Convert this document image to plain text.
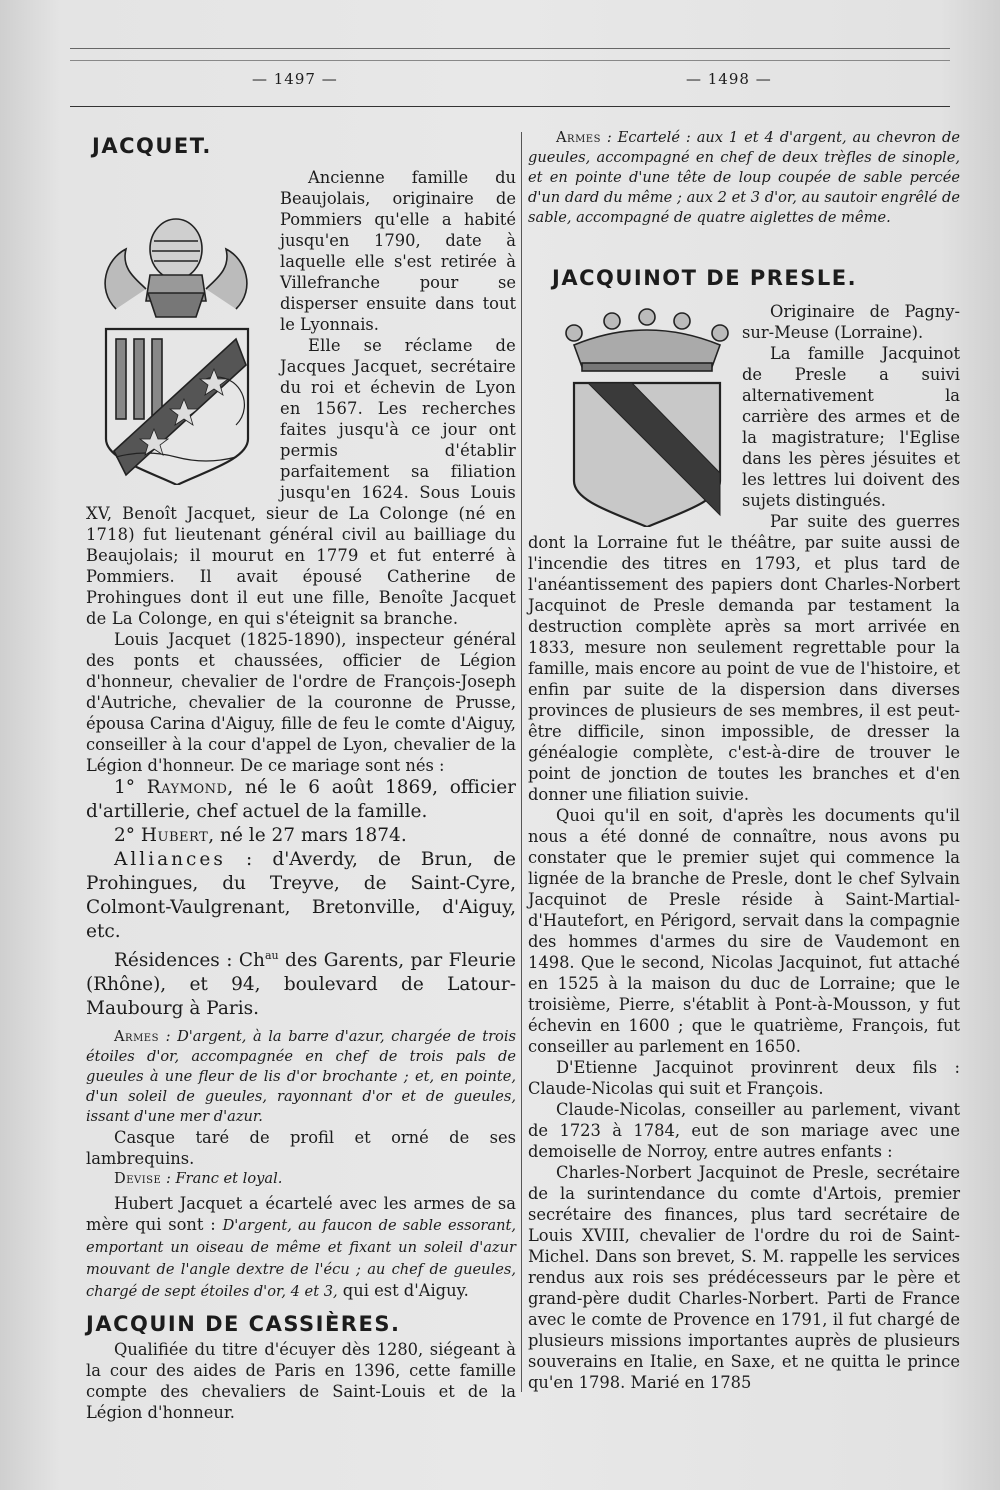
— 1497 —	— 1498 —
JACQUET.

Ancienne famille du Beaujolais, originaire de Pommiers qu'elle a habité jusqu'en 1790, date à laquelle elle s'est retirée à Villefranche pour se disperser ensuite dans tout le Lyonnais.

Elle se réclame de Jacques Jacquet, secrétaire du roi et échevin de Lyon en 1567. Les recherches faites jusqu'à ce jour ont permis d'établir parfaitement sa filiation jusqu'en 1624. Sous Louis XV, Benoît Jacquet, sieur de La Colonge (né en 1718) fut lieutenant général civil au bailliage du Beaujolais; il mourut en 1779 et fut enterré à Pommiers. Il avait épousé Catherine de Prohingues dont il eut une fille, Benoîte Jacquet de La Colonge, en qui s'éteignit sa branche.

Louis Jacquet (1825-1890), inspecteur général des ponts et chaussées, officier de Légion d'honneur, chevalier de l'ordre de François-Joseph d'Autriche, chevalier de la couronne de Prusse, épousa Carina d'Aiguy, fille de feu le comte d'Aiguy, conseiller à la cour d'appel de Lyon, chevalier de la Légion d'honneur. De ce mariage sont nés :

1° Raymond, né le 6 août 1869, officier d'artillerie, chef actuel de la famille.

2° Hubert, né le 27 mars 1874.

Alliances : d'Averdy, de Brun, de Prohingues, du Treyve, de Saint-Cyre, Colmont-Vaulgrenant, Bretonville, d'Aiguy, etc.

Résidences : $Ch^{au}$ des Garents, par Fleurie (Rhône), et 94, boulevard de Latour-Maubourg à Paris.

Armes : D'argent, à la barre d'azur, chargée de trois étoiles d'or, accompagnée en chef de trois pals de gueules à une fleur de lis d'or brochante ; et, en pointe, d'un soleil de gueules, rayonnant d'or et de gueules, issant d'une mer d'azur.

Casque taré de profil et orné de ses lambrequins.

Devise : Franc et loyal.

Hubert Jacquet a écartelé avec les armes de sa mère qui sont : D'argent, au faucon de sable essorant, emportant un oiseau de même et fixant un soleil d'azur mouvant de l'angle dextre de l'écu ; au chef de gueules, chargé de sept étoiles d'or, 4 et 3, qui est d'Aiguy.

JACQUIN DE CASSIÈRES.

Qualifiée du titre d'écuyer dès 1280, siégeant à la cour des aides de Paris en 1396, cette famille compte des chevaliers de Saint-Louis et de la Légion d'honneur.

Armes : Ecartelé : aux 1 et 4 d'argent, au chevron de gueules, accompagné en chef de deux trèfles de sinople, et en pointe d'une tête de loup coupée de sable percée d'un dard du même ; aux 2 et 3 d'or, au sautoir engrêlé de sable, accompagné de quatre aiglettes de même.

JACQUINOT DE PRESLE.

Originaire de Pagny-sur-Meuse (Lorraine).

La famille Jacquinot de Presle a suivi alternativement la carrière des armes et de la magistrature; l'Eglise dans les pères jésuites et les lettres lui doivent des sujets distingués.

Par suite des guerres dont la Lorraine fut le théâtre, par suite aussi de l'incendie des titres en 1793, et plus tard de l'anéantissement des papiers dont Charles-Norbert Jacquinot de Presle demanda par testament la destruction complète après sa mort arrivée en 1833, mesure non seulement regrettable pour la famille, mais encore au point de vue de l'histoire, et enfin par suite de la dispersion dans diverses provinces de plusieurs de ses membres, il est peut-être difficile, sinon impossible, de dresser la généalogie complète, c'est-à-dire de trouver le point de jonction de toutes les branches et d'en donner une filiation suivie.

Quoi qu'il en soit, d'après les documents qu'il nous a été donné de connaître, nous avons pu constater que le premier sujet qui commence la lignée de la branche de Presle, dont le chef Sylvain Jacquinot de Presle réside à Saint-Martial-d'Hautefort, en Périgord, servait dans la compagnie des hommes d'armes du sire de Vaudemont en 1498. Que le second, Nicolas Jacquinot, fut attaché en 1525 à la maison du duc de Lorraine; que le troisième, Pierre, s'établit à Pont-à-Mousson, y fut échevin en 1600 ; que le quatrième, François, fut conseiller au parlement en 1650.

D'Etienne Jacquinot provinrent deux fils : Claude-Nicolas qui suit et François.

Claude-Nicolas, conseiller au parlement, vivant de 1723 à 1784, eut de son mariage avec une demoiselle de Norroy, entre autres enfants :

Charles-Norbert Jacquinot de Presle, secrétaire de la surintendance du comte d'Artois, premier secrétaire des finances, plus tard secrétaire de Louis XVIII, chevalier de l'ordre du roi de Saint-Michel. Dans son brevet, S. M. rappelle les services rendus aux rois ses prédécesseurs par le père et grand-père dudit Charles-Norbert. Parti de France avec le comte de Provence en 1791, il fut chargé de plusieurs missions importantes auprès de plusieurs souverains en Italie, en Saxe, et ne quitta le prince qu'en 1798. Marié en 1785
